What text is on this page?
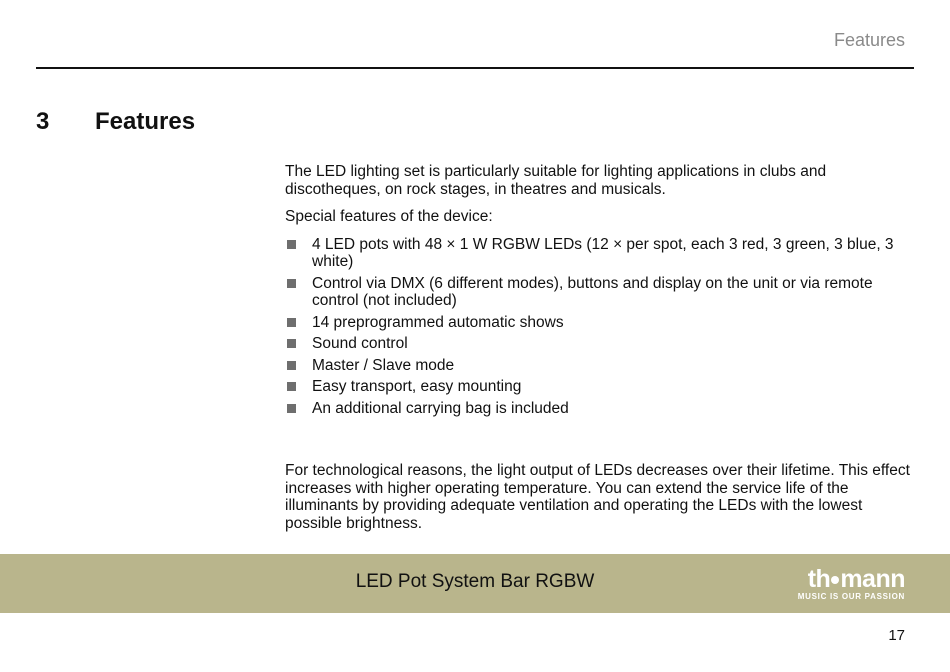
Features
3 Features

The LED lighting set is particularly suitable for lighting applications in clubs and discotheques, on rock stages, in theatres and musicals.

Special features of the device:

4 LED pots with 48 × 1 W RGBW LEDs (12 × per spot, each 3 red, 3 green, 3 blue, 3 white)
Control via DMX (6 different modes), buttons and display on the unit or via remote control (not included)
14 preprogrammed automatic shows
Sound control
Master / Slave mode
Easy transport, easy mounting
An additional carrying bag is included

For technological reasons, the light output of LEDs decreases over their lifetime. This effect increases with higher operating temperature. You can extend the service life of the illuminants by providing adequate ventilation and operating the LEDs with the lowest possible brightness.

LED Pot System Bar RGBW	th mann
MUSIC IS OUR PASSION
17
